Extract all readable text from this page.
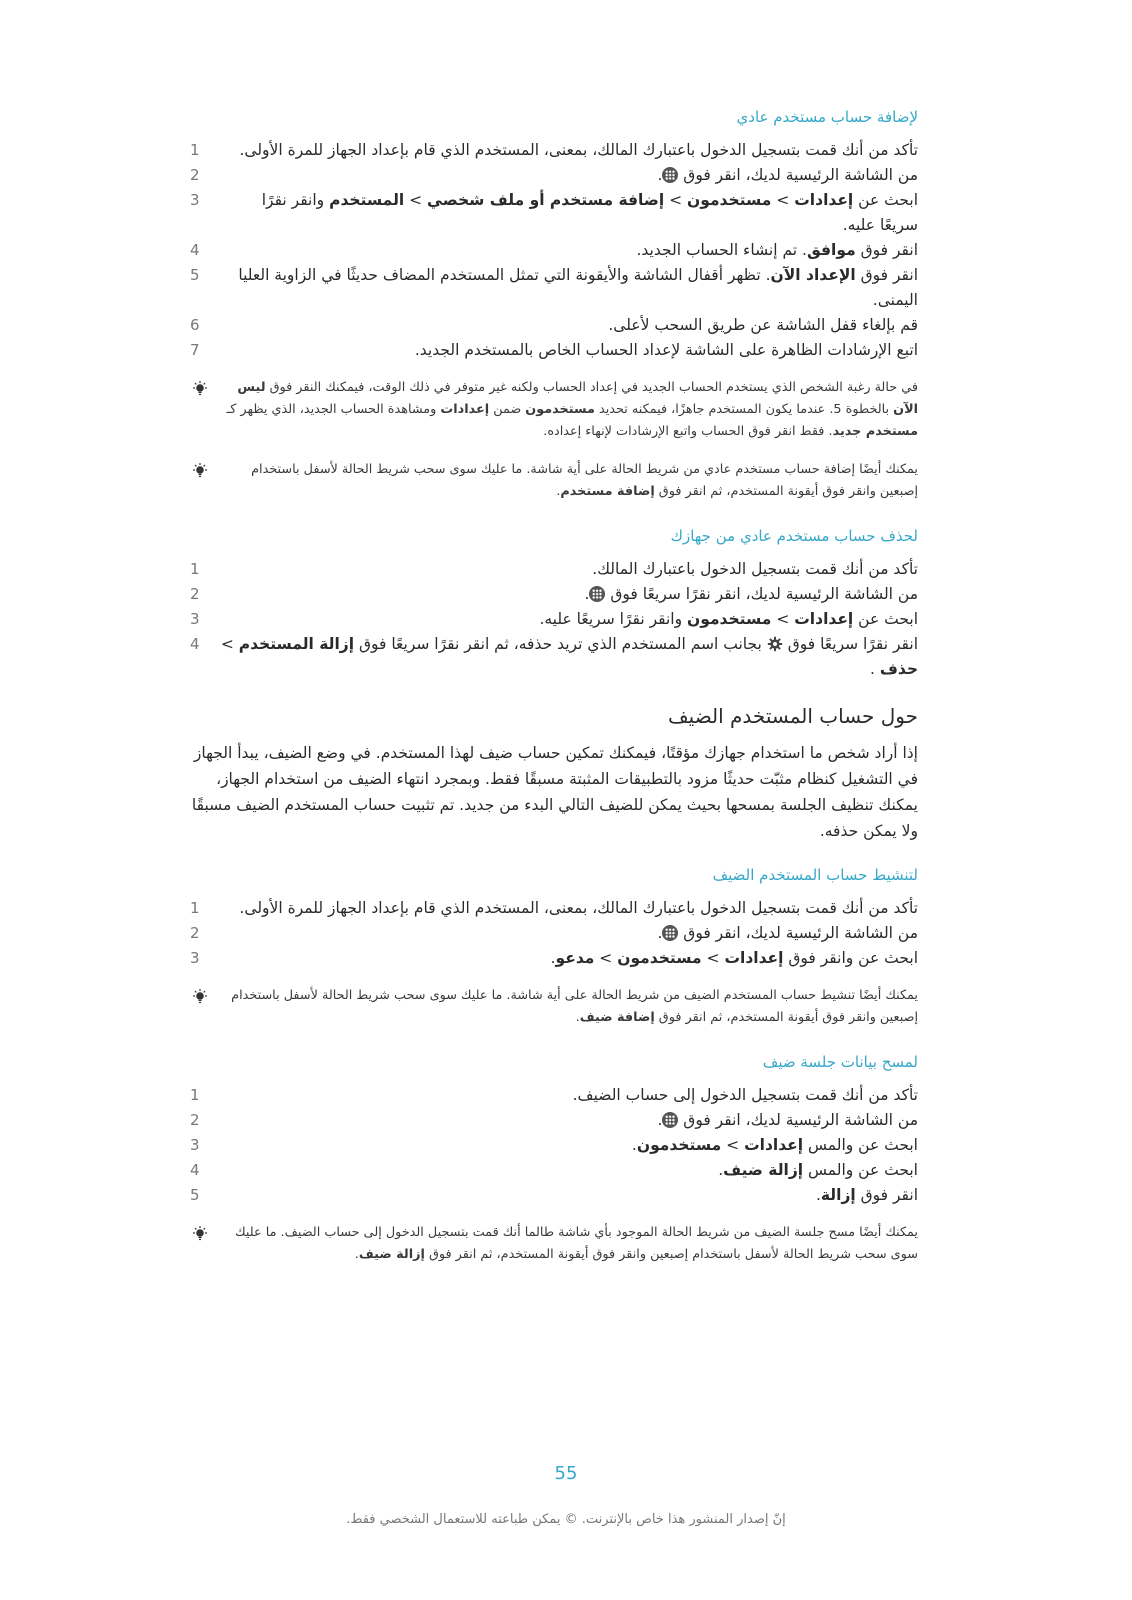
لإضافة حساب مستخدم عادي
1	تأكد من أنك قمت بتسجيل الدخول باعتبارك المالك، بمعنى، المستخدم الذي قام بإعداد الجهاز للمرة الأولى.
2	من الشاشة الرئيسية لديك، انقر فوق .
3	ابحث عن إعدادات > مستخدمون > إضافة مستخدم أو ملف شخصي > المستخدم وانقر نقرًا سريعًا عليه.
4	انقر فوق موافق. تم إنشاء الحساب الجديد.
5	انقر فوق الإعداد الآن. تظهر أقفال الشاشة والأيقونة التي تمثل المستخدم المضاف حديثًا في الزاوية العليا اليمنى.
6	قم بإلغاء قفل الشاشة عن طريق السحب لأعلى.
7	اتبع الإرشادات الظاهرة على الشاشة لإعداد الحساب الخاص بالمستخدم الجديد.
في حالة رغبة الشخص الذي يستخدم الحساب الجديد في إعداد الحساب ولكنه غير متوفر في ذلك الوقت، فيمكنك النقر فوق ليس الآن بالخطوة 5. عندما يكون المستخدم جاهزًا، فيمكنه تحديد مستخدمون ضمن إعدادات ومشاهدة الحساب الجديد، الذي يظهر كـ مستخدم جديد. فقط انقر فوق الحساب واتبع الإرشادات لإنهاء إعداده.
يمكنك أيضًا إضافة حساب مستخدم عادي من شريط الحالة على أية شاشة. ما عليك سوى سحب شريط الحالة لأسفل باستخدام إصبعين وانقر فوق أيقونة المستخدم، ثم انقر فوق إضافة مستخدم.
لحذف حساب مستخدم عادي من جهازك
1	تأكد من أنك قمت بتسجيل الدخول باعتبارك المالك.
2	من الشاشة الرئيسية لديك، انقر نقرًا سريعًا فوق .
3	ابحث عن إعدادات > مستخدمون وانقر نقرًا سريعًا عليه.
4	انقر نقرًا سريعًا فوق  بجانب اسم المستخدم الذي تريد حذفه، ثم انقر نقرًا سريعًا فوق إزالة المستخدم > حذف .
حول حساب المستخدم الضيف

إذا أراد شخص ما استخدام جهازك مؤقتًا، فيمكنك تمكين حساب ضيف لهذا المستخدم. في وضع الضيف، يبدأ الجهاز في التشغيل كنظام مثبّت حديثًا مزود بالتطبيقات المثبتة مسبقًا فقط. وبمجرد انتهاء الضيف من استخدام الجهاز، يمكنك تنظيف الجلسة بمسحها بحيث يمكن للضيف التالي البدء من جديد. تم تثبيت حساب المستخدم الضيف مسبقًا ولا يمكن حذفه.

لتنشيط حساب المستخدم الضيف
1	تأكد من أنك قمت بتسجيل الدخول باعتبارك المالك، بمعنى، المستخدم الذي قام بإعداد الجهاز للمرة الأولى.
2	من الشاشة الرئيسية لديك، انقر فوق .
3	ابحث عن وانقر فوق إعدادات > مستخدمون > مدعو.
يمكنك أيضًا تنشيط حساب المستخدم الضيف من شريط الحالة على أية شاشة. ما عليك سوى سحب شريط الحالة لأسفل باستخدام إصبعين وانقر فوق أيقونة المستخدم، ثم انقر فوق إضافة ضيف.
لمسح بيانات جلسة ضيف
1	تأكد من أنك قمت بتسجيل الدخول إلى حساب الضيف.
2	من الشاشة الرئيسية لديك، انقر فوق .
3	ابحث عن والمس إعدادات > مستخدمون.
4	ابحث عن والمس إزالة ضيف.
5	انقر فوق إزالة.
يمكنك أيضًا مسح جلسة الضيف من شريط الحالة الموجود بأي شاشة طالما أنك قمت بتسجيل الدخول إلى حساب الضيف. ما عليك سوى سحب شريط الحالة لأسفل باستخدام إصبعين وانقر فوق أيقونة المستخدم، ثم انقر فوق إزالة ضيف.
55
إنّ إصدار المنشور هذا خاص بالإنترنت. © يمكن طباعته للاستعمال الشخصي فقط.
